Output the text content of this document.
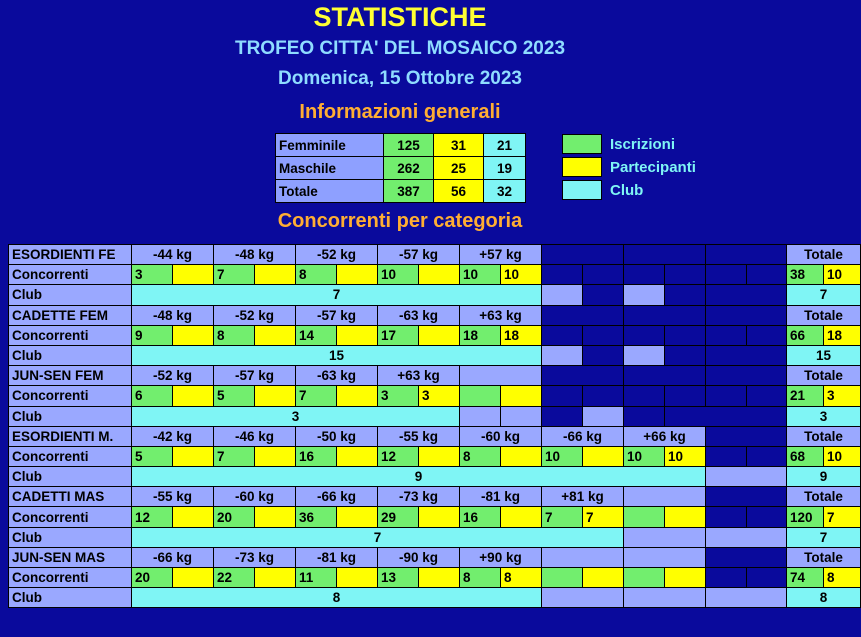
STATISTICHE
TROFEO CITTA' DEL MOSAICO 2023
Domenica, 15 Ottobre 2023
Informazioni generali
Femminile	125	31	21
Maschile	262	25	19
Totale	387	56	32
Iscrizioni
Partecipanti
Club
Concorrenti per categoria
ESORDIENTI FE	-44 kg		-48 kg		-52 kg		-57 kg		+57 kg								Totale	
Concorrenti	3		7		8		10		10	10							38	10
Club	7																7	
CADETTE FEM	-48 kg		-52 kg		-57 kg		-63 kg		+63 kg								Totale	
Concorrenti	9		8		14		17		18	18							66	18
Club	15																15	
JUN-SEN FEM	-52 kg		-57 kg		-63 kg		+63 kg										Totale	
Concorrenti	6		5		7		3	3									21	3
Club	3																3	
ESORDIENTI M.	-42 kg		-46 kg		-50 kg		-55 kg		-60 kg		-66 kg		+66 kg				Totale	
Concorrenti	5		7		16		12		8		10		10	10			68	10
Club	9																9	
CADETTI MAS	-55 kg		-60 kg		-66 kg		-73 kg		-81 kg		+81 kg						Totale	
Concorrenti	12		20		36		29		16		7	7					120	7
Club	7																7	
JUN-SEN MAS	-66 kg		-73 kg		-81 kg		-90 kg		+90 kg								Totale	
Concorrenti	20		22		11		13		8	8							74	8
Club	8																8	
